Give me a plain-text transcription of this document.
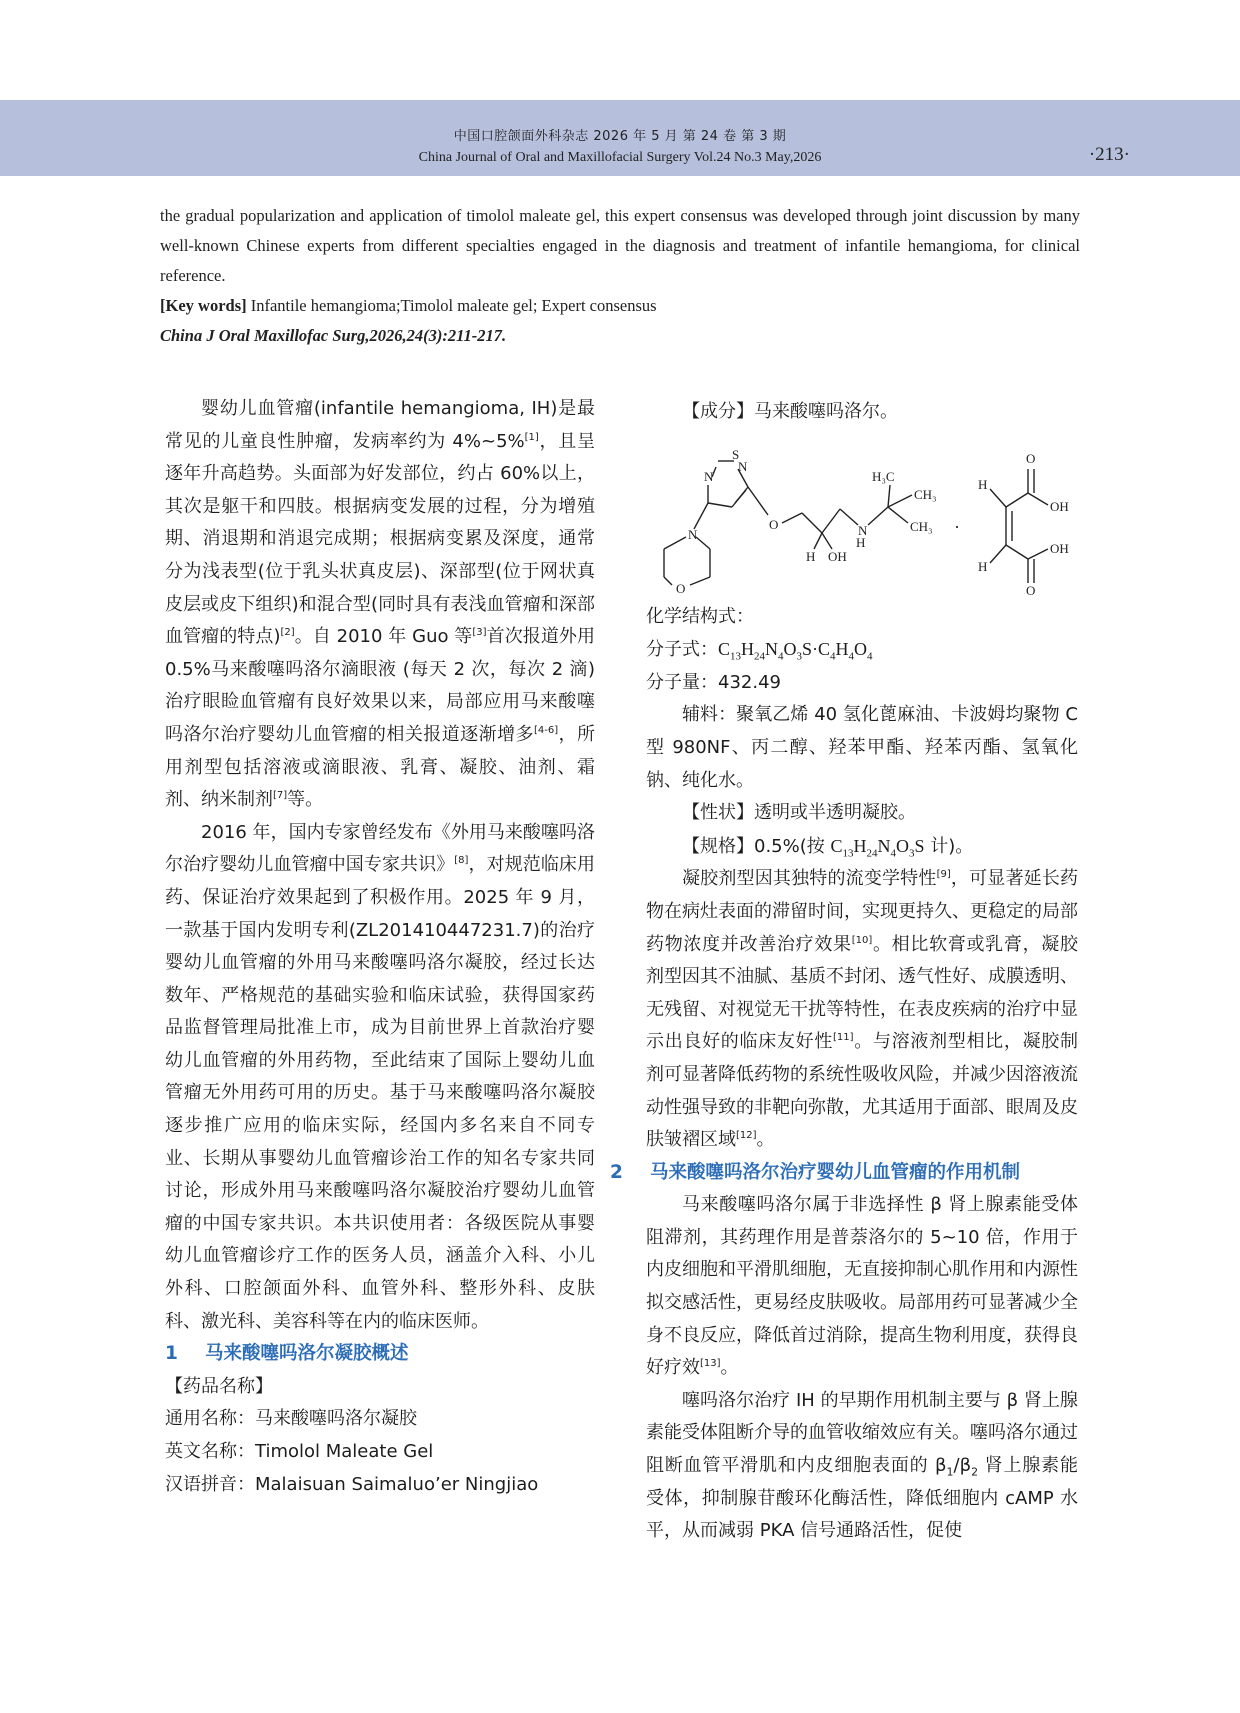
中国口腔颌面外科杂志 2026 年 5 月 第 24 卷 第 3 期
China Journal of Oral and Maxillofacial Surgery Vol.24 No.3 May,2026	·213·

the gradual popularization and application of timolol maleate gel, this expert consensus was developed through joint discussion by many well-known Chinese experts from different specialties engaged in the diagnosis and treatment of infantile hemangioma, for clinical reference.

[Key words] Infantile hemangioma;Timolol maleate gel; Expert consensus

China J Oral Maxillofac Surg,2026,24(3):211-217.

婴幼儿血管瘤(infantile hemangioma, IH)是最常见的儿童良性肿瘤，发病率约为 4%~5%[1]，且呈逐年升高趋势。头面部为好发部位，约占 60%以上，其次是躯干和四肢。根据病变发展的过程，分为增殖期、消退期和消退完成期；根据病变累及深度，通常分为浅表型(位于乳头状真皮层)、深部型(位于网状真皮层或皮下组织)和混合型(同时具有表浅血管瘤和深部血管瘤的特点)[2]。自 2010 年 Guo 等[3]首次报道外用 0.5%马来酸噻吗洛尔滴眼液 (每天 2 次，每次 2 滴)治疗眼睑血管瘤有良好效果以来，局部应用马来酸噻吗洛尔治疗婴幼儿血管瘤的相关报道逐渐增多[4-6]，所用剂型包括溶液或滴眼液、乳膏、凝胶、油剂、霜剂、纳米制剂[7]等。

2016 年，国内专家曾经发布《外用马来酸噻吗洛尔治疗婴幼儿血管瘤中国专家共识》[8]，对规范临床用药、保证治疗效果起到了积极作用。2025 年 9 月，一款基于国内发明专利(ZL201410447231.7)的治疗婴幼儿血管瘤的外用马来酸噻吗洛尔凝胶，经过长达数年、严格规范的基础实验和临床试验，获得国家药品监督管理局批准上市，成为目前世界上首款治疗婴幼儿血管瘤的外用药物，至此结束了国际上婴幼儿血管瘤无外用药可用的历史。基于马来酸噻吗洛尔凝胶逐步推广应用的临床实际，经国内多名来自不同专业、长期从事婴幼儿血管瘤诊治工作的知名专家共同讨论，形成外用马来酸噻吗洛尔凝胶治疗婴幼儿血管瘤的中国专家共识。本共识使用者：各级医院从事婴幼儿血管瘤诊疗工作的医务人员，涵盖介入科、小儿外科、口腔颌面外科、血管外科、整形外科、皮肤科、激光科、美容科等在内的临床医师。

1 马来酸噻吗洛尔凝胶概述

【药品名称】

通用名称：马来酸噻吗洛尔凝胶

英文名称：Timolol Maleate Gel

汉语拼音：Malaisuan Saimaluo’er Ningjiao

【成分】马来酸噻吗洛尔。

S
N
N
N
O
O
H OH
N
H
H₃C
CH₃
CH₃ ·
H
H
O
OH
OH
O

化学结构式：

分子式：$C_{13}H_{24}N_4O_3S\cdot C_4H_4O_4$

分子量：432.49

辅料：聚氧乙烯 40 氢化蓖麻油、卡波姆均聚物 C 型 980NF、丙二醇、羟苯甲酯、羟苯丙酯、氢氧化钠、纯化水。

【性状】透明或半透明凝胶。

【规格】0.5%(按 $C_{13}H_{24}N_4O_3S$ 计)。

凝胶剂型因其独特的流变学特性[9]，可显著延长药物在病灶表面的滞留时间，实现更持久、更稳定的局部药物浓度并改善治疗效果[10]。相比软膏或乳膏，凝胶剂型因其不油腻、基质不封闭、透气性好、成膜透明、无残留、对视觉无干扰等特性，在表皮疾病的治疗中显示出良好的临床友好性[11]。与溶液剂型相比，凝胶制剂可显著降低药物的系统性吸收风险，并减少因溶液流动性强导致的非靶向弥散，尤其适用于面部、眼周及皮肤皱褶区域[12]。

2 马来酸噻吗洛尔治疗婴幼儿血管瘤的作用机制

马来酸噻吗洛尔属于非选择性 β 肾上腺素能受体阻滞剂，其药理作用是普萘洛尔的 5~10 倍，作用于内皮细胞和平滑肌细胞，无直接抑制心肌作用和内源性拟交感活性，更易经皮肤吸收。局部用药可显著减少全身不良反应，降低首过消除，提高生物利用度，获得良好疗效[13]。

噻吗洛尔治疗 IH 的早期作用机制主要与 β 肾上腺素能受体阻断介导的血管收缩效应有关。噻吗洛尔通过阻断血管平滑肌和内皮细胞表面的 $\beta_1/\beta_2$ 肾上腺素能受体，抑制腺苷酸环化酶活性，降低细胞内 cAMP 水平，从而减弱 PKA 信号通路活性，促使
